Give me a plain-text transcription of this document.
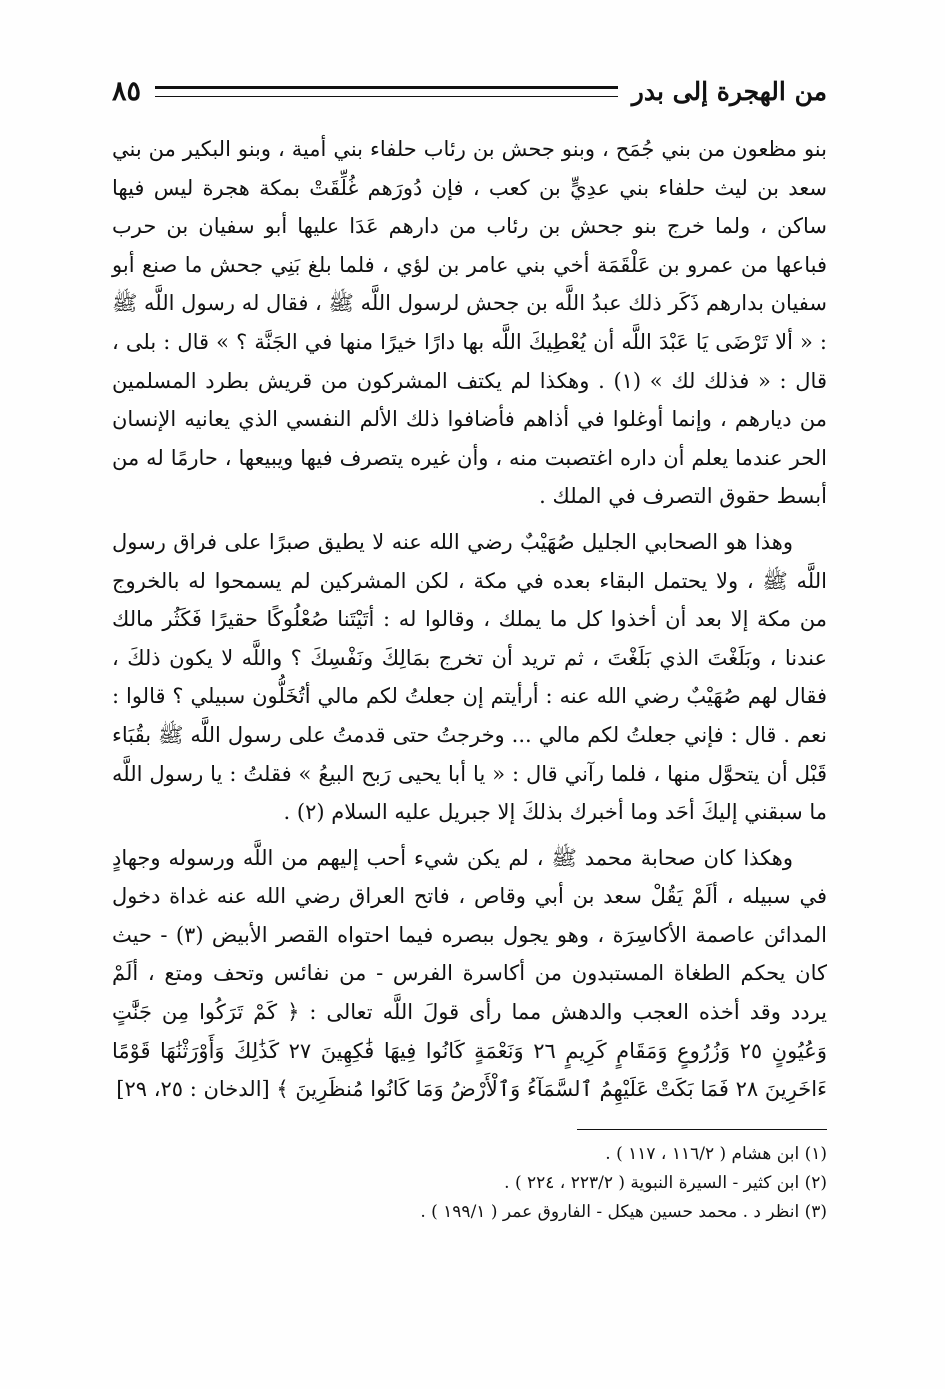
من الهجرة إلى بدر
٨٥

بنو مظعون من بني جُمَح ، وبنو جحش بن رئاب حلفاء بني أمية ، وبنو البكير من بني سعد بن ليث حلفاء بني عدِيٍّ بن كعب ، فإن دُورَهم غُلِّقَتْ بمكة هجرة ليس فيها ساكن ، ولما خرج بنو جحش بن رئاب من دارهم عَدَا عليها أبو سفيان بن حرب فباعها من عمرو بن عَلْقَمَة أخي بني عامر بن لؤي ، فلما بلغ بَنِي جحش ما صنع أبو سفيان بدارهم ذَكَر ذلك عبدُ اللَّه بن جحش لرسول اللَّه ﷺ ، فقال له رسول اللَّه ﷺ : « ألا تَرْضَى يَا عَبْدَ اللَّه أن يُعْطِيكَ اللَّه بها دارًا خيرًا منها في الجَنَّة ؟ » قال : بلى ، قال : « فذلك لك » (١) . وهكذا لم يكتف المشركون من قريش بطرد المسلمين من ديارهم ، وإنما أوغلوا في أذاهم فأضافوا ذلك الألم النفسي الذي يعانيه الإنسان الحر عندما يعلم أن داره اغتصبت منه ، وأن غيره يتصرف فيها ويبيعها ، حارمًا له من أبسط حقوق التصرف في الملك .

وهذا هو الصحابي الجليل صُهَيْبٌ رضي الله عنه لا يطيق صبرًا على فراق رسول اللَّه ﷺ ، ولا يحتمل البقاء بعده في مكة ، لكن المشركين لم يسمحوا له بالخروج من مكة إلا بعد أن أخذوا كل ما يملك ، وقالوا له : أتَيْتَنا صُعْلُوكًا حقيرًا فَكَثُر مالك عندنا ، وبَلَغْتَ الذي بَلَغْتَ ، ثم تريد أن تخرج بمَالِكَ ونَفْسِكَ ؟ واللَّه لا يكون ذلكَ ، فقال لهم صُهَيْبٌ رضي الله عنه : أرأيتم إن جعلتُ لكم مالي أتُخَلُّون سبيلي ؟ قالوا : نعم . قال : فإني جعلتُ لكم مالي ... وخرجتُ حتى قدمتُ على رسول اللَّه ﷺ بقُبَاء قَبْل أن يتحوَّل منها ، فلما رآني قال : « يا أبا يحيى رَبح البيعُ » فقلتُ : يا رسول اللَّه ما سبقني إليكَ أحَد وما أخبرك بذلكَ إلا جبريل عليه السلام (٢) .

وهكذا كان صحابة محمد ﷺ ، لم يكن شيء أحب إليهم من اللَّه ورسوله وجهادٍ في سبيله ، ألَمْ يَقُلْ سعد بن أبي وقاص ، فاتح العراق رضي الله عنه غداة دخول المدائن عاصمة الأكاسِرَة ، وهو يجول ببصره فيما احتواه القصر الأبيض (٣) - حيث كان يحكم الطغاة المستبدون من أكاسرة الفرس - من نفائس وتحف ومتع ، ألَمْ يردد وقد أخذه العجب والدهش مما رأى قولَ اللَّه تعالى : ﴿ كَمْ تَرَكُوا مِن جَنَّٰتٍ وَعُيُونٍ ٢٥ وَزُرُوعٍ وَمَقَامٍ كَرِيمٍ ٢٦ وَنَعْمَةٍ كَانُوا فِيهَا فَٰكِهِينَ ٢٧ كَذَٰلِكَ وَأَوْرَثْنَٰهَا قَوْمًا ءَاخَرِينَ ٢٨ فَمَا بَكَتْ عَلَيْهِمُ ٱلسَّمَآءُ وَٱلْأَرْضُ وَمَا كَانُوا مُنظَرِينَ ﴾ [الدخان : ٢٥، ٢٩]

(١) ابن هشام ( ١١٦/٢ ، ١١٧ ) .
(٢) ابن كثير - السيرة النبوية ( ٢٢٣/٢ ، ٢٢٤ ) .
(٣) انظر د . محمد حسين هيكل - الفاروق عمر ( ١٩٩/١ ) .
